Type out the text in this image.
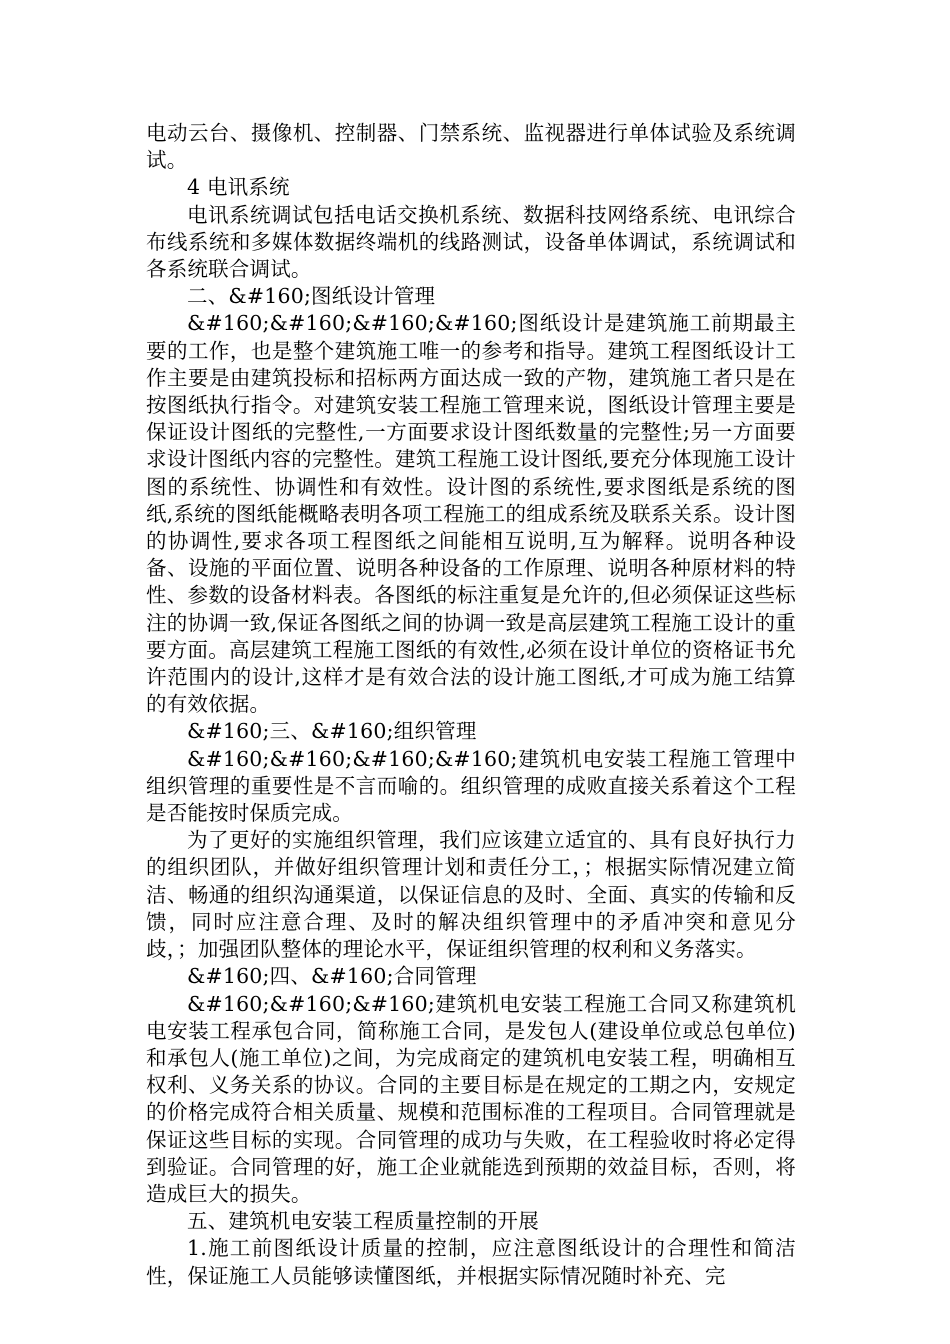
电动云台、摄像机、控制器、门禁系统、监视器进行单体试验及系统调试。

4 电讯系统

电讯系统调试包括电话交换机系统、数据科技网络系统、电讯综合布线系统和多媒体数据终端机的线路测试，设备单体调试，系统调试和各系统联合调试。

二、&#160;图纸设计管理

&#160;&#160;&#160;&#160;图纸设计是建筑施工前期最主要的工作，也是整个建筑施工唯一的参考和指导。建筑工程图纸设计工作主要是由建筑投标和招标两方面达成一致的产物，建筑施工者只是在按图纸执行指令。对建筑安装工程施工管理来说，图纸设计管理主要是保证设计图纸的完整性,一方面要求设计图纸数量的完整性;另一方面要求设计图纸内容的完整性。建筑工程施工设计图纸,要充分体现施工设计图的系统性、协调性和有效性。设计图的系统性,要求图纸是系统的图纸,系统的图纸能概略表明各项工程施工的组成系统及联系关系。设计图的协调性,要求各项工程图纸之间能相互说明,互为解释。说明各种设备、设施的平面位置、说明各种设备的工作原理、说明各种原材料的特性、参数的设备材料表。各图纸的标注重复是允许的,但必须保证这些标注的协调一致,保证各图纸之间的协调一致是高层建筑工程施工设计的重要方面。高层建筑工程施工图纸的有效性,必须在设计单位的资格证书允许范围内的设计,这样才是有效合法的设计施工图纸,才可成为施工结算的有效依据。

&#160;三、&#160;组织管理

&#160;&#160;&#160;&#160;建筑机电安装工程施工管理中组织管理的重要性是不言而喻的。组织管理的成败直接关系着这个工程是否能按时保质完成。

为了更好的实施组织管理，我们应该建立适宜的、具有良好执行力的组织团队，并做好组织管理计划和责任分工，；根据实际情况建立简洁、畅通的组织沟通渠道，以保证信息的及时、全面、真实的传输和反馈，同时应注意合理、及时的解决组织管理中的矛盾冲突和意见分歧，；加强团队整体的理论水平，保证组织管理的权利和义务落实。

&#160;四、&#160;合同管理

&#160;&#160;&#160;建筑机电安装工程施工合同又称建筑机电安装工程承包合同，简称施工合同，是发包人(建设单位或总包单位)和承包人(施工单位)之间，为完成商定的建筑机电安装工程，明确相互权利、义务关系的协议。合同的主要目标是在规定的工期之内，安规定的价格完成符合相关质量、规模和范围标准的工程项目。合同管理就是保证这些目标的实现。合同管理的成功与失败，在工程验收时将必定得到验证。合同管理的好，施工企业就能选到预期的效益目标，否则，将造成巨大的损失。

五、建筑机电安装工程质量控制的开展

1.施工前图纸设计质量的控制，应注意图纸设计的合理性和简洁性，保证施工人员能够读懂图纸，并根据实际情况随时补充、完
